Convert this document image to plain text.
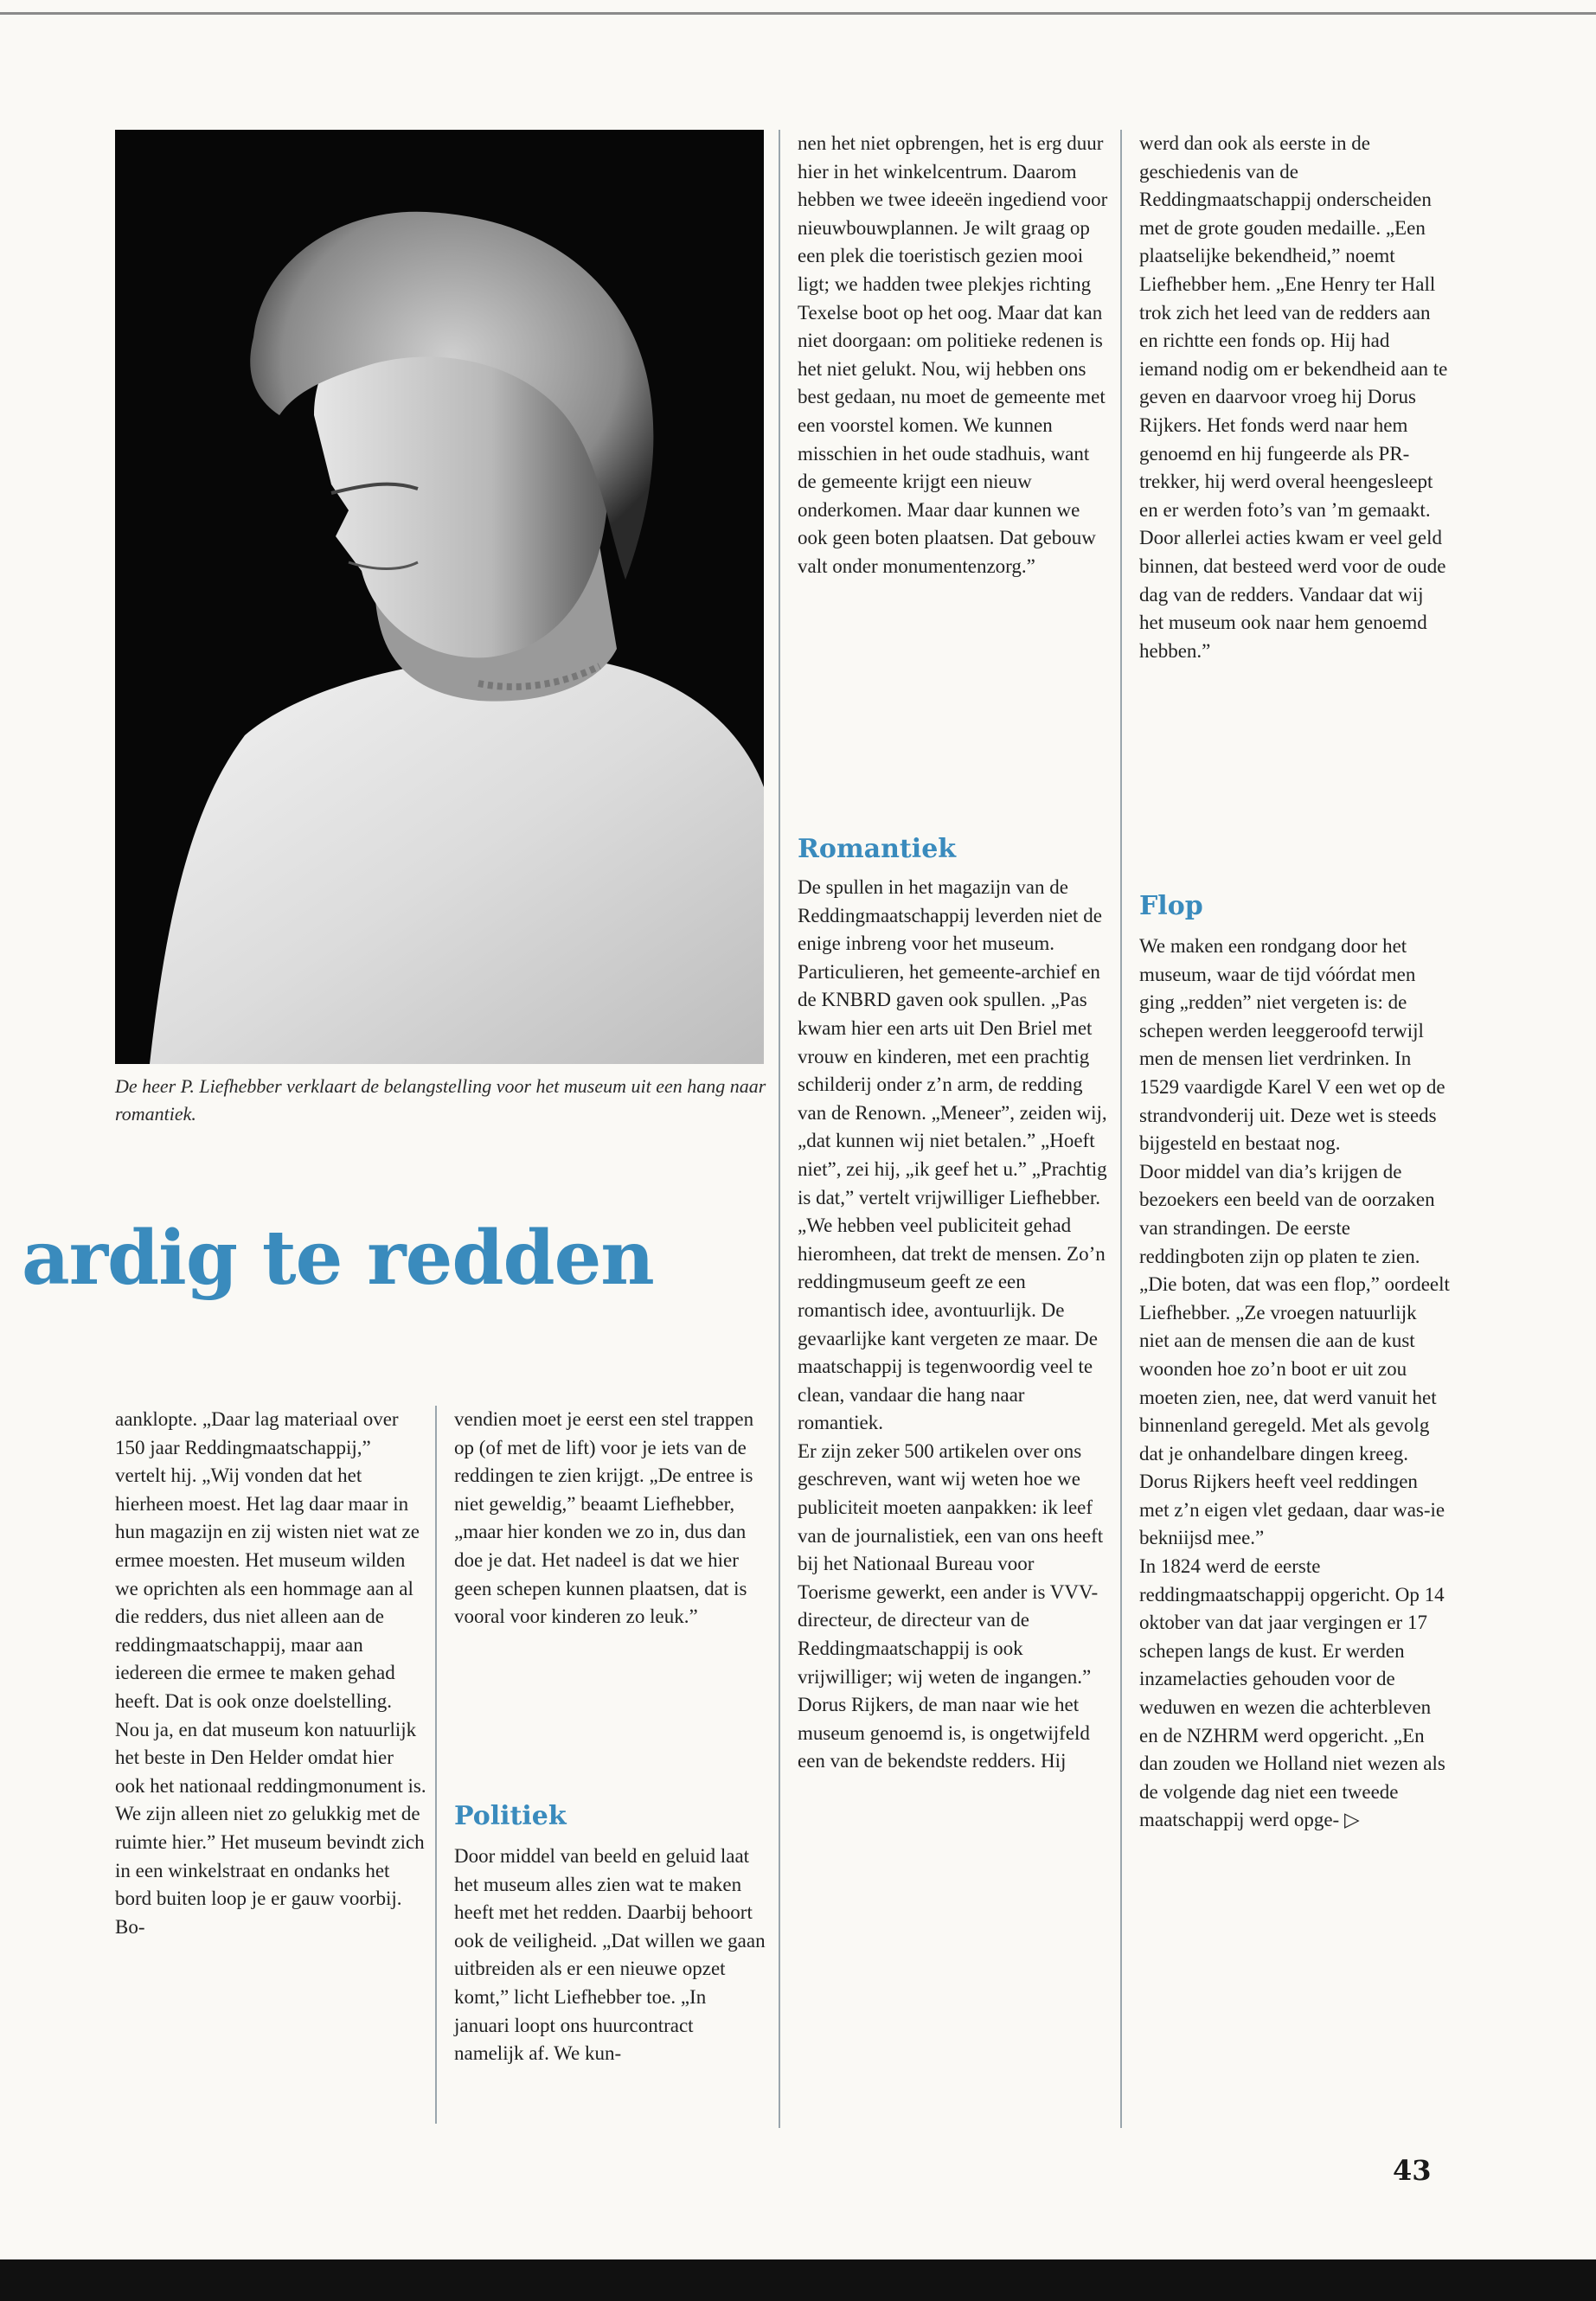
De heer P. Liefhebber verklaart de belangstelling voor het museum uit een hang naar romantiek.
ardig te redden
aanklopte. „Daar lag materiaal over 150 jaar Reddingmaatschappij,” vertelt hij. „Wij vonden dat het hierheen moest. Het lag daar maar in hun magazijn en zij wisten niet wat ze ermee moesten. Het museum wilden we oprichten als een hommage aan al die redders, dus niet alleen aan de reddingmaatschappij, maar aan iedereen die ermee te maken gehad heeft. Dat is ook onze doelstelling.
Nou ja, en dat museum kon natuurlijk het beste in Den Helder omdat hier ook het nationaal reddingmonument is. We zijn alleen niet zo gelukkig met de ruimte hier.” Het museum bevindt zich in een winkelstraat en ondanks het bord buiten loop je er gauw voorbij. Bo-
vendien moet je eerst een stel trappen op (of met de lift) voor je iets van de reddingen te zien krijgt. „De entree is niet geweldig,” beaamt Liefhebber, „maar hier konden we zo in, dus dan doe je dat. Het nadeel is dat we hier geen schepen kunnen plaatsen, dat is vooral voor kinderen zo leuk.”
Politiek
Door middel van beeld en geluid laat het museum alles zien wat te maken heeft met het redden. Daarbij behoort ook de veiligheid. „Dat willen we gaan uitbreiden als er een nieuwe opzet komt,” licht Liefhebber toe. „In januari loopt ons huurcontract namelijk af. We kun-
nen het niet opbrengen, het is erg duur hier in het winkelcentrum. Daarom hebben we twee ideeën ingediend voor nieuwbouwplannen. Je wilt graag op een plek die toeristisch gezien mooi ligt; we hadden twee plekjes richting Texelse boot op het oog. Maar dat kan niet doorgaan: om politieke redenen is het niet gelukt. Nou, wij hebben ons best gedaan, nu moet de gemeente met een voorstel komen. We kunnen misschien in het oude stadhuis, want de gemeente krijgt een nieuw onderkomen. Maar daar kunnen we ook geen boten plaatsen. Dat gebouw valt onder monumentenzorg.”
Romantiek
De spullen in het magazijn van de Reddingmaatschappij leverden niet de enige inbreng voor het museum. Particulieren, het gemeente-archief en de KNBRD gaven ook spullen. „Pas kwam hier een arts uit Den Briel met vrouw en kinderen, met een prachtig schilderij onder z’n arm, de redding van de Renown. „Meneer”, zeiden wij, „dat kunnen wij niet betalen.” „Hoeft niet”, zei hij, „ik geef het u.” „Prachtig is dat,” vertelt vrijwilliger Liefhebber.
„We hebben veel publiciteit gehad hieromheen, dat trekt de mensen. Zo’n reddingmuseum geeft ze een romantisch idee, avontuurlijk. De gevaarlijke kant vergeten ze maar. De maatschappij is tegenwoordig veel te clean, vandaar die hang naar romantiek.
Er zijn zeker 500 artikelen over ons geschreven, want wij weten hoe we publiciteit moeten aanpakken: ik leef van de journalistiek, een van ons heeft bij het Nationaal Bureau voor Toerisme gewerkt, een ander is VVV-directeur, de directeur van de Reddingmaatschappij is ook vrijwilliger; wij weten de ingangen.”
Dorus Rijkers, de man naar wie het museum genoemd is, is ongetwijfeld een van de bekendste redders. Hij
werd dan ook als eerste in de geschiedenis van de Reddingmaatschappij onderscheiden met de grote gouden medaille. „Een plaatselijke bekendheid,” noemt Liefhebber hem. „Ene Henry ter Hall trok zich het leed van de redders aan en richtte een fonds op. Hij had iemand nodig om er bekendheid aan te geven en daarvoor vroeg hij Dorus Rijkers. Het fonds werd naar hem genoemd en hij fungeerde als PR-trekker, hij werd overal heengesleept en er werden foto’s van ’m gemaakt. Door allerlei acties kwam er veel geld binnen, dat besteed werd voor de oude dag van de redders. Vandaar dat wij het museum ook naar hem genoemd hebben.”
Flop
We maken een rondgang door het museum, waar de tijd vóórdat men ging „redden” niet vergeten is: de schepen werden leeggeroofd terwijl men de mensen liet verdrinken. In 1529 vaardigde Karel V een wet op de strandvonderij uit. Deze wet is steeds bijgesteld en bestaat nog.
Door middel van dia’s krijgen de bezoekers een beeld van de oorzaken van strandingen. De eerste reddingboten zijn op platen te zien. „Die boten, dat was een flop,” oordeelt Liefhebber. „Ze vroegen natuurlijk niet aan de mensen die aan de kust woonden hoe zo’n boot er uit zou moeten zien, nee, dat werd vanuit het binnenland geregeld. Met als gevolg dat je onhandelbare dingen kreeg. Dorus Rijkers heeft veel reddingen met z’n eigen vlet gedaan, daar was-ie bekniĳsd mee.”
In 1824 werd de eerste reddingmaatschappij opgericht. Op 14 oktober van dat jaar vergingen er 17 schepen langs de kust. Er werden inzamelacties gehouden voor de weduwen en wezen die achterbleven en de NZHRM werd opgericht. „En dan zouden we Holland niet wezen als de volgende dag niet een tweede maatschappij werd opge- ▷
43
